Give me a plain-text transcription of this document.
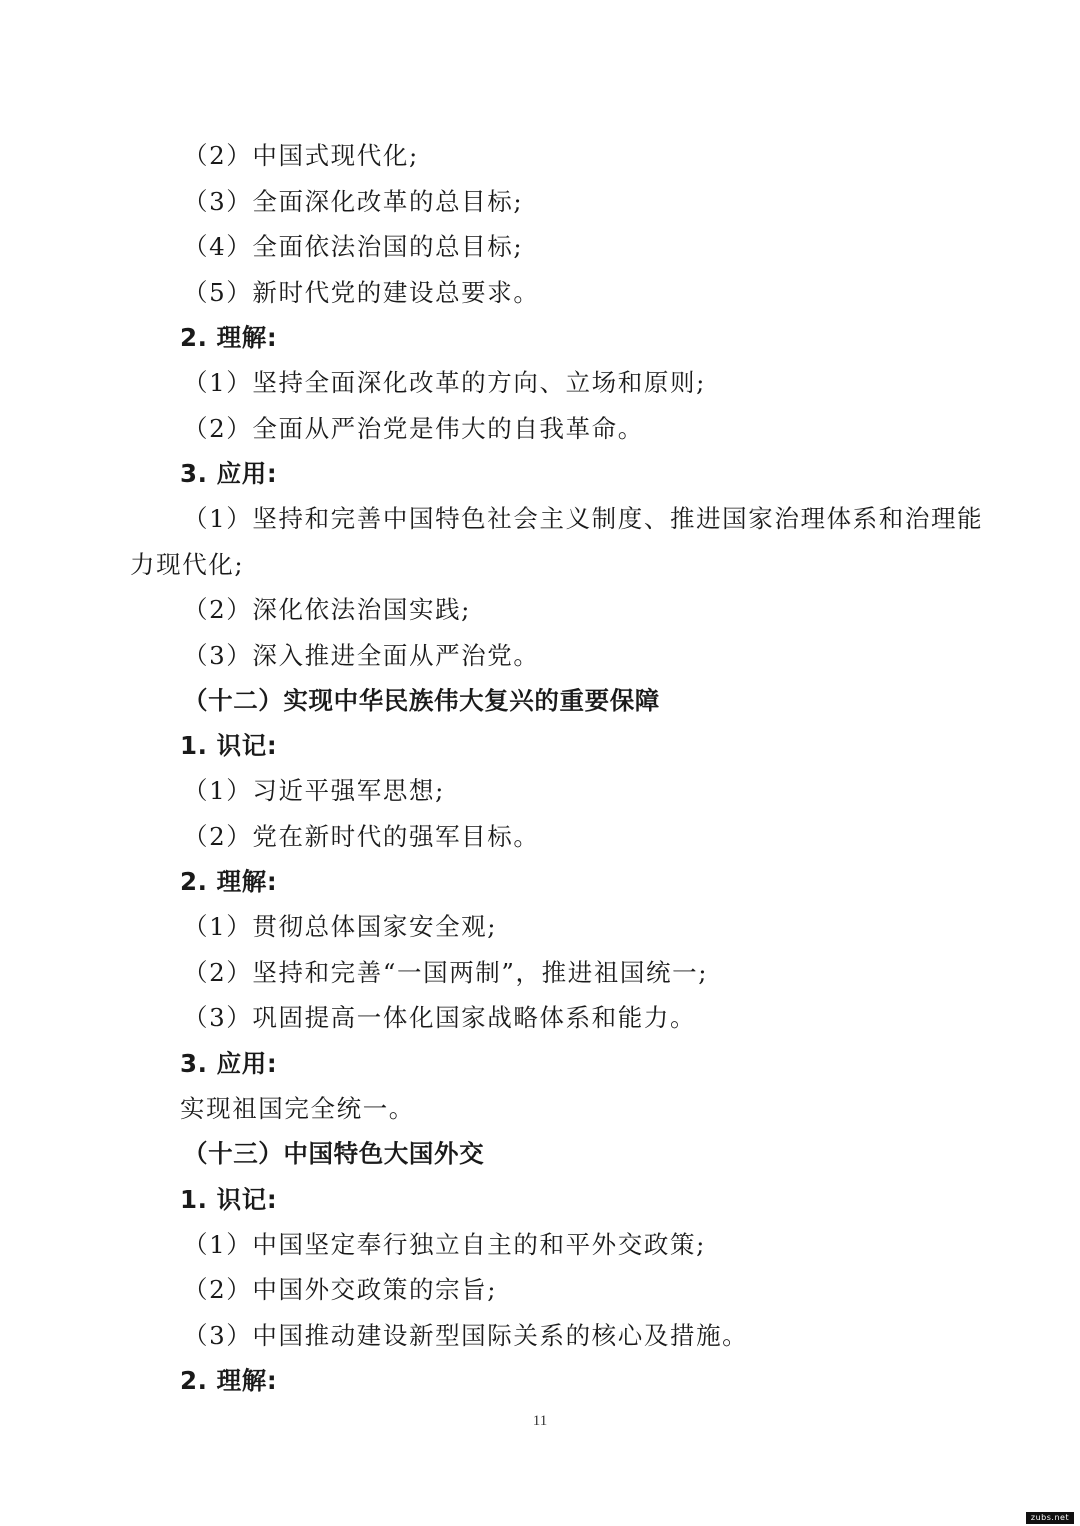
（2）中国式现代化;
（3）全面深化改革的总目标;
（4）全面依法治国的总目标;
（5）新时代党的建设总要求。
2. 理解:
（1）坚持全面深化改革的方向、立场和原则;
（2）全面从严治党是伟大的自我革命。
3. 应用:
（1）坚持和完善中国特色社会主义制度、推进国家治理体系和治理能
力现代化;
（2）深化依法治国实践;
（3）深入推进全面从严治党。
（十二）实现中华民族伟大复兴的重要保障
1. 识记:
（1）习近平强军思想;
（2）党在新时代的强军目标。
2. 理解:
（1）贯彻总体国家安全观;
（2）坚持和完善“一国两制”，推进祖国统一;
（3）巩固提高一体化国家战略体系和能力。
3. 应用:
实现祖国完全统一。
（十三）中国特色大国外交
1. 识记:
（1）中国坚定奉行独立自主的和平外交政策;
（2）中国外交政策的宗旨;
（3）中国推动建设新型国际关系的核心及措施。
2. 理解:
11
zubs.net
